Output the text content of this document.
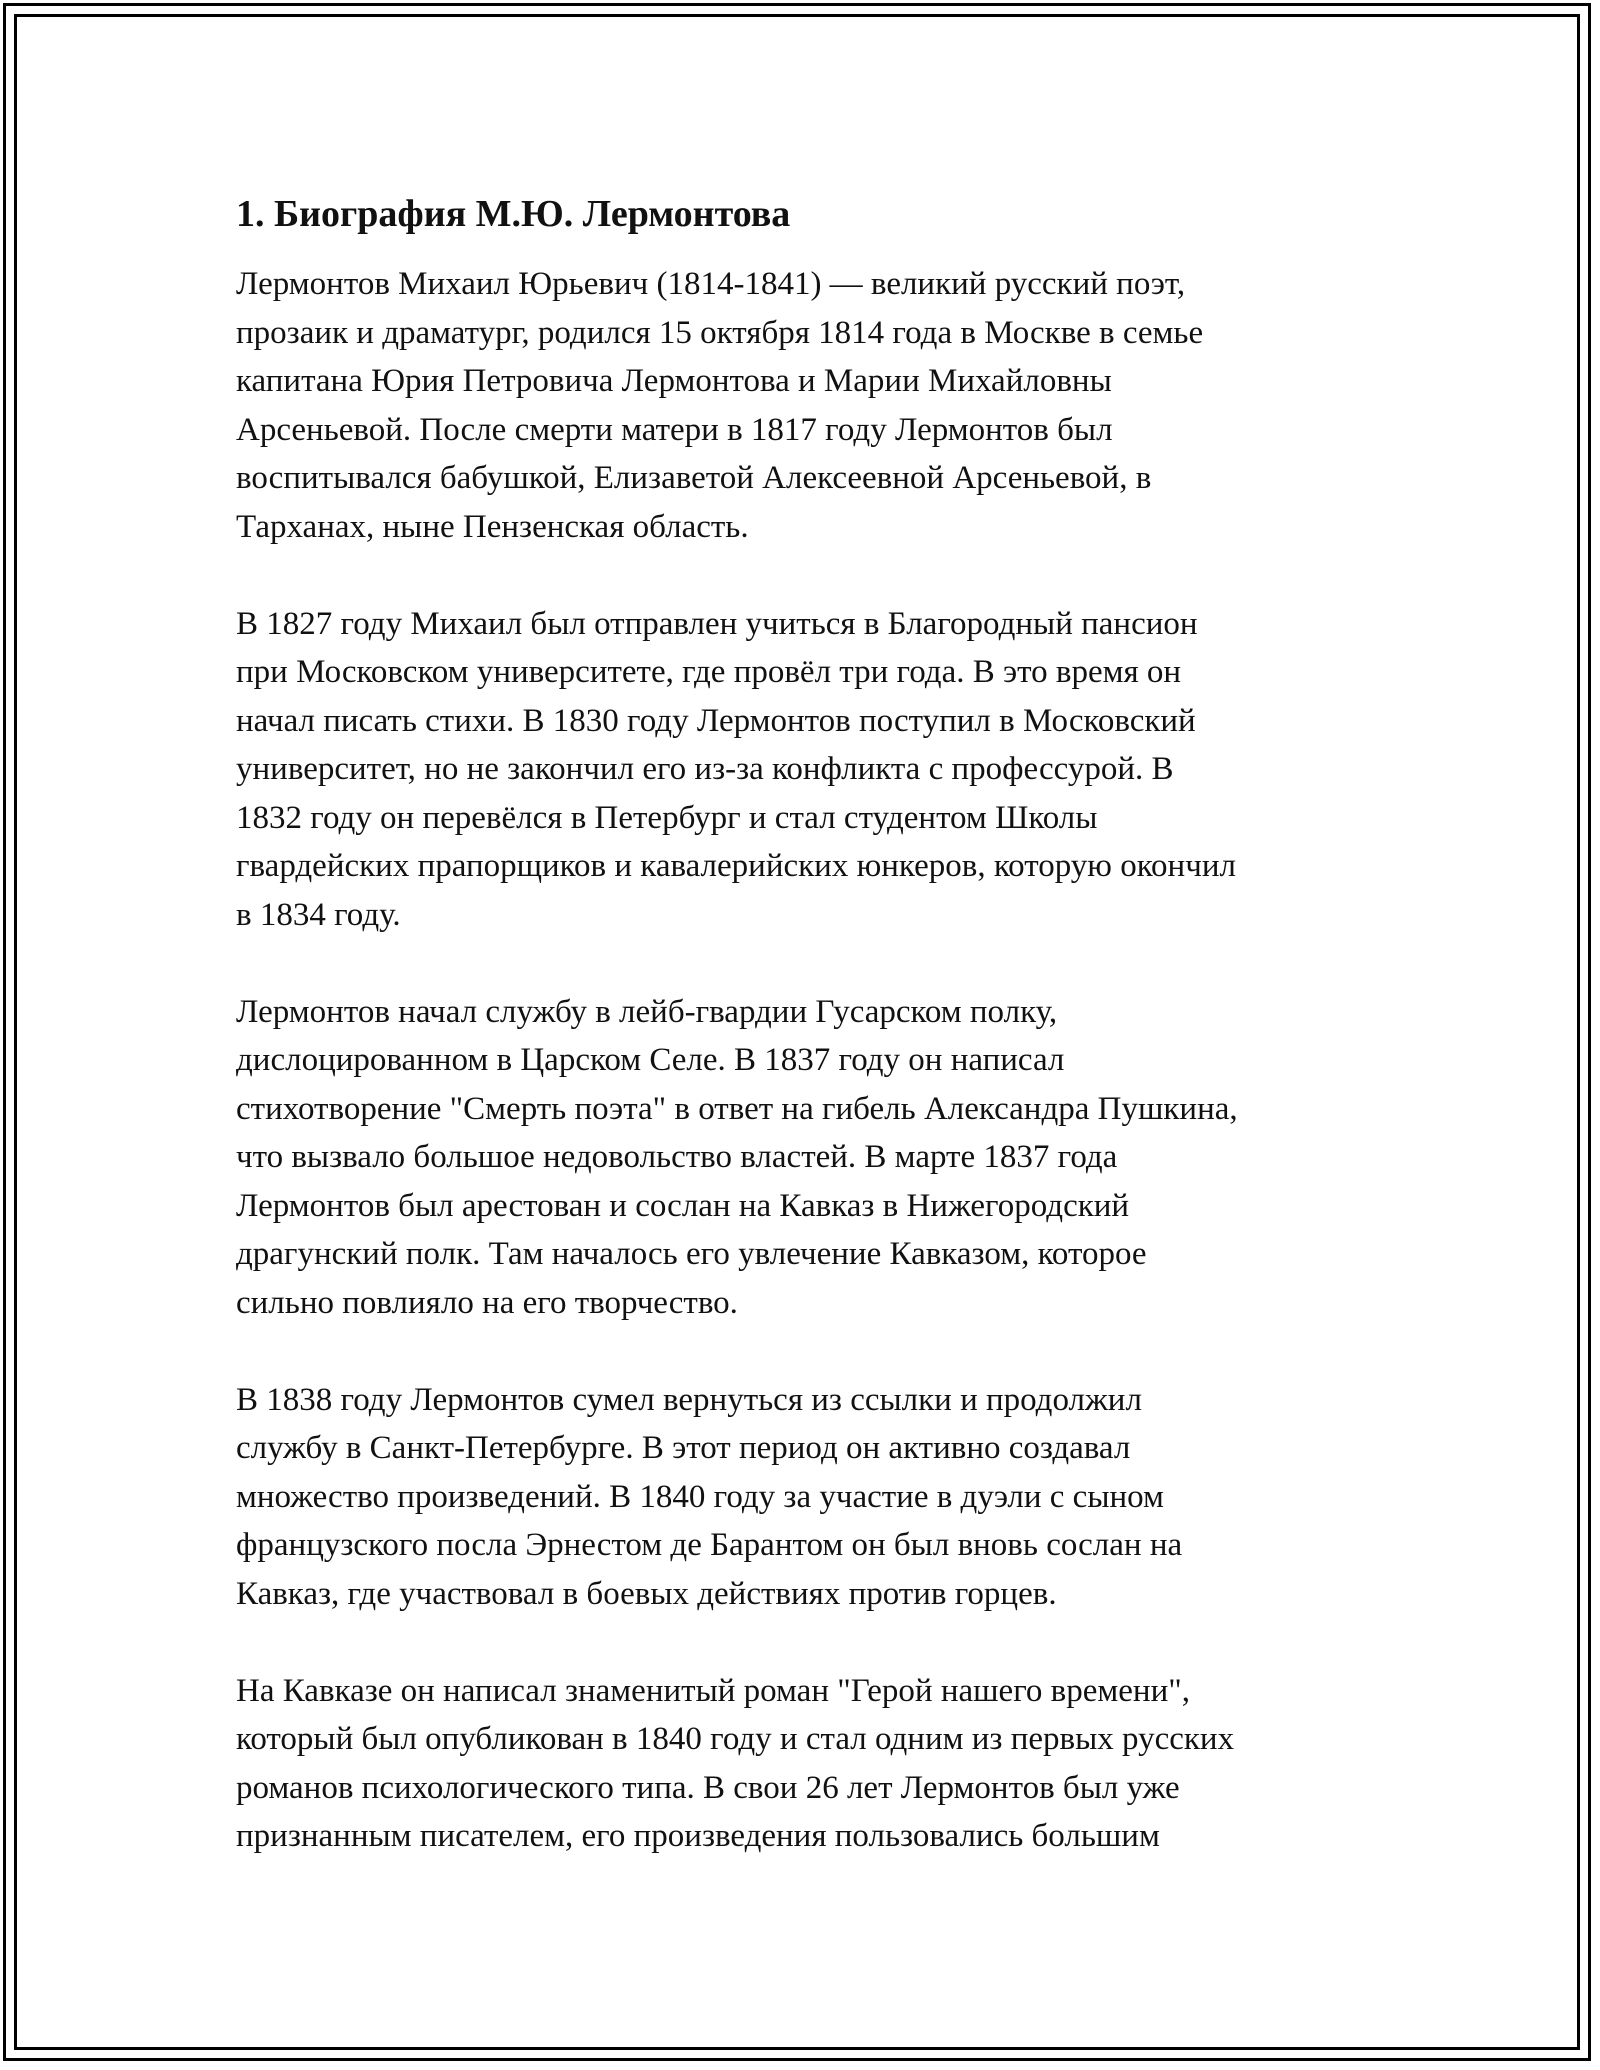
1. Биография М.Ю. Лермонтова
Лермонтов Михаил Юрьевич (1814-1841) — великий русский поэт,
прозаик и драматург, родился 15 октября 1814 года в Москве в семье
капитана Юрия Петровича Лермонтова и Марии Михайловны
Арсеньевой. После смерти матери в 1817 году Лермонтов был
воспитывался бабушкой, Елизаветой Алексеевной Арсеньевой, в
Тарханах, ныне Пензенская область.
В 1827 году Михаил был отправлен учиться в Благородный пансион
при Московском университете, где провёл три года. В это время он
начал писать стихи. В 1830 году Лермонтов поступил в Московский
университет, но не закончил его из-за конфликта с профессурой. В
1832 году он перевёлся в Петербург и стал студентом Школы
гвардейских прапорщиков и кавалерийских юнкеров, которую окончил
в 1834 году.
Лермонтов начал службу в лейб-гвардии Гусарском полку,
дислоцированном в Царском Селе. В 1837 году он написал
стихотворение "Смерть поэта" в ответ на гибель Александра Пушкина,
что вызвало большое недовольство властей. В марте 1837 года
Лермонтов был арестован и сослан на Кавказ в Нижегородский
драгунский полк. Там началось его увлечение Кавказом, которое
сильно повлияло на его творчество.
В 1838 году Лермонтов сумел вернуться из ссылки и продолжил
службу в Санкт-Петербурге. В этот период он активно создавал
множество произведений. В 1840 году за участие в дуэли с сыном
французского посла Эрнестом де Барантом он был вновь сослан на
Кавказ, где участвовал в боевых действиях против горцев.
На Кавказе он написал знаменитый роман "Герой нашего времени",
который был опубликован в 1840 году и стал одним из первых русских
романов психологического типа. В свои 26 лет Лермонтов был уже
признанным писателем, его произведения пользовались большим
